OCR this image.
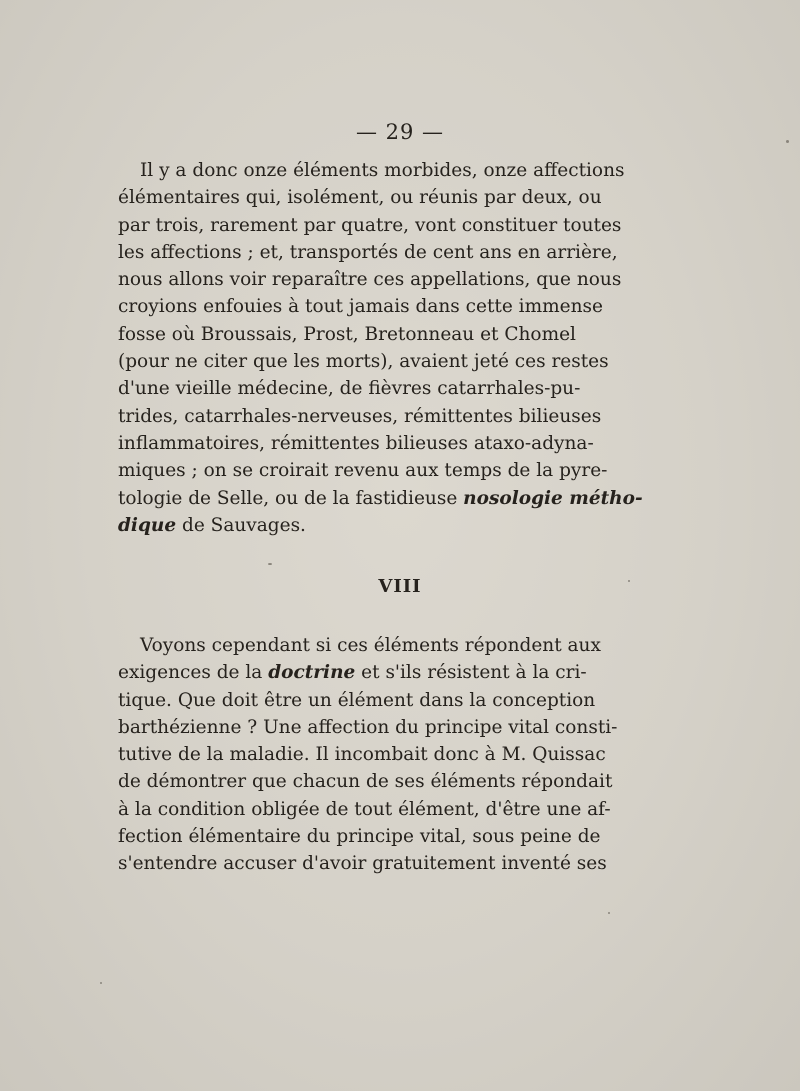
— 29 —
Il y a donc onze éléments morbides, onze affections
élémentaires qui, isolément, ou réunis par deux, ou
par trois, rarement par quatre, vont constituer toutes
les affections ; et, transportés de cent ans en arrière,
nous allons voir reparaître ces appellations, que nous
croyions enfouies à tout jamais dans cette immense
fosse où Broussais, Prost, Bretonneau et Chomel
(pour ne citer que les morts), avaient jeté ces restes
d'une vieille médecine, de fièvres catarrhales-pu-
trides, catarrhales-nerveuses, rémittentes bilieuses
inflammatoires, rémittentes bilieuses ataxo-adyna-
miques ; on se croirait revenu aux temps de la pyre-
tologie de Selle, ou de la fastidieuse nosologie métho-
dique de Sauvages.
VIII
Voyons cependant si ces éléments répondent aux
exigences de la doctrine et s'ils résistent à la cri-
tique. Que doit être un élément dans la conception
barthézienne ? Une affection du principe vital consti-
tutive de la maladie. Il incombait donc à M. Quissac
de démontrer que chacun de ses éléments répondait
à la condition obligée de tout élément, d'être une af-
fection élémentaire du principe vital, sous peine de
s'entendre accuser d'avoir gratuitement inventé ses
